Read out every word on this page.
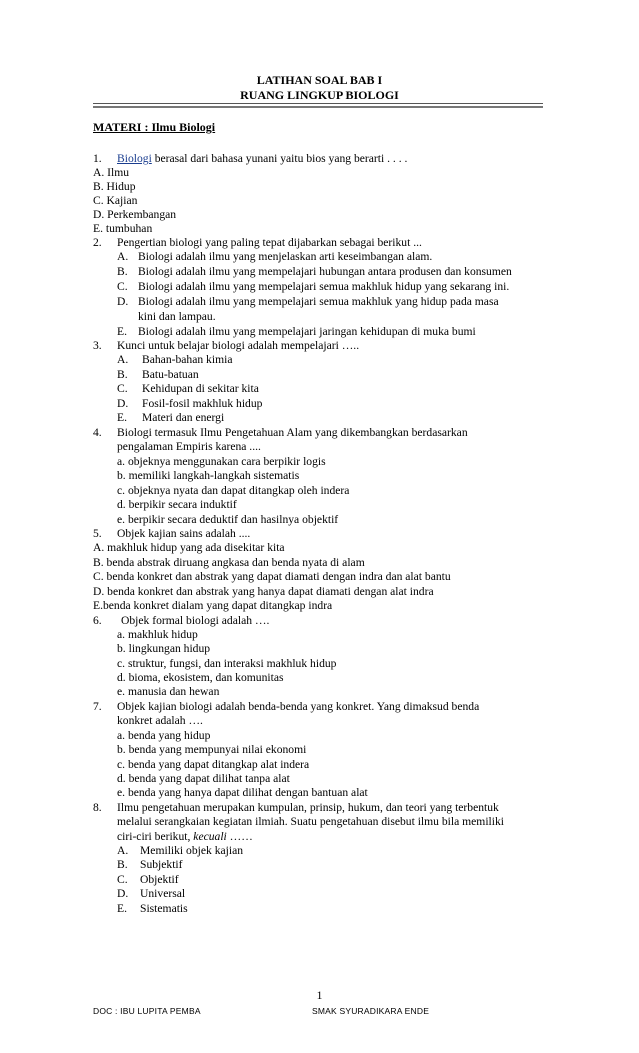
LATIHAN SOAL BAB I
RUANG LINGKUP BIOLOGI
MATERI : Ilmu Biologi
1. Biologi berasal dari bahasa yunani yaitu bios yang berarti . . . .
A. Ilmu
B. Hidup
C. Kajian
D. Perkembangan
E. tumbuhan
2. Pengertian biologi yang paling tepat dijabarkan sebagai berikut ...
A. Biologi adalah ilmu yang menjelaskan arti keseimbangan alam.
B. Biologi adalah ilmu yang mempelajari hubungan antara produsen dan konsumen
C. Biologi adalah ilmu yang mempelajari semua makhluk hidup yang sekarang ini.
D. Biologi adalah ilmu yang mempelajari semua makhluk yang hidup pada masa
kini dan lampau.
E. Biologi adalah ilmu yang mempelajari jaringan kehidupan di muka bumi
3. Kunci untuk belajar biologi adalah mempelajari …..
A. Bahan-bahan kimia
B. Batu-batuan
C. Kehidupan di sekitar kita
D. Fosil-fosil makhluk hidup
E. Materi dan energi
4. Biologi termasuk Ilmu Pengetahuan Alam yang dikembangkan berdasarkan
pengalaman Empiris karena ....
a. objeknya menggunakan cara berpikir logis
b. memiliki langkah-langkah sistematis
c. objeknya nyata dan dapat ditangkap oleh indera
d. berpikir secara induktif
e. berpikir secara deduktif dan hasilnya objektif
5. Objek kajian sains adalah ....
A. makhluk hidup yang ada disekitar kita
B. benda abstrak diruang angkasa dan benda nyata di alam
C. benda konkret dan abstrak yang dapat diamati dengan indra dan alat bantu
D. benda konkret dan abstrak yang hanya dapat diamati dengan alat indra
E.benda konkret dialam yang dapat ditangkap indra
6. Objek formal biologi adalah ….
a. makhluk hidup
b. lingkungan hidup
c. struktur, fungsi, dan interaksi makhluk hidup
d. bioma, ekosistem, dan komunitas
e. manusia dan hewan
7. Objek kajian biologi adalah benda-benda yang konkret. Yang dimaksud benda
konkret adalah ….
a. benda yang hidup
b. benda yang mempunyai nilai ekonomi
c. benda yang dapat ditangkap alat indera
d. benda yang dapat dilihat tanpa alat
e. benda yang hanya dapat dilihat dengan bantuan alat
8. Ilmu pengetahuan merupakan kumpulan, prinsip, hukum, dan teori yang terbentuk
melalui serangkaian kegiatan ilmiah. Suatu pengetahuan disebut ilmu bila memiliki
ciri-ciri berikut, kecuali ……
A. Memiliki objek kajian
B. Subjektif
C. Objektif
D. Universal
E. Sistematis
1
DOC : IBU LUPITA PEMBA	SMAK SYURADIKARA ENDE
